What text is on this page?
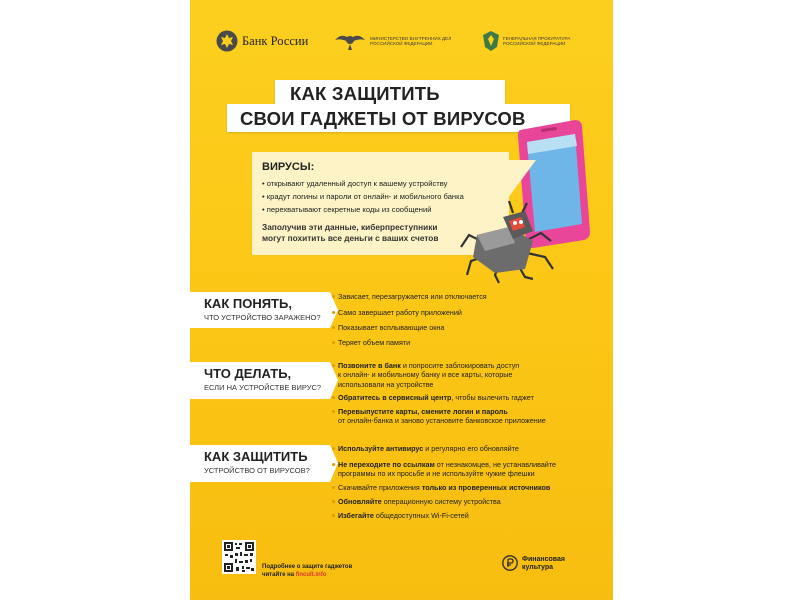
Банк России	МИНИСТЕРСТВО ВНУТРЕННИХ ДЕЛ
РОССИЙСКОЙ ФЕДЕРАЦИИ
ГЕНЕРАЛЬНАЯ ПРОКУРАТУРА
РОССИЙСКОЙ ФЕДЕРАЦИИ
КАК ЗАЩИТИТЬ
СВОИ ГАДЖЕТЫ ОТ ВИРУСОВ
ВИРУСЫ:
• открывают удаленный доступ к вашему устройству
• крадут логины и пароли от онлайн- и мобильного банка
• перехватывают секретные коды из сообщений
Заполучив эти данные, киберпреступники
могут похитить все деньги с ваших счетов
КАК ПОНЯТЬ,
ЧТО УСТРОЙСТВО ЗАРАЖЕНО?
Зависает, перезагружается или отключается
Само завершает работу приложений
Показывает всплывающие окна
Теряет объем памяти
ЧТО ДЕЛАТЬ,
ЕСЛИ НА УСТРОЙСТВЕ ВИРУС?
Позвоните в банк и попросите заблокировать доступ
к онлайн- и мобильному банку и все карты, которые
использовали на устройстве
Обратитесь в сервисный центр, чтобы вылечить гаджет
Перевыпустите карты, смените логин и пароль
от онлайн-банка и заново установите банковское приложение
КАК ЗАЩИТИТЬ
УСТРОЙСТВО ОТ ВИРУСОВ?
Используйте антивирус и регулярно его обновляйте
Не переходите по ссылкам от незнакомцев, не устанавливайте
программы по их просьбе и не используйте чужие флешки
Скачивайте приложения только из проверенных источников
Обновляйте операционную систему устройства
Избегайте общедоступных Wi-Fi-сетей
Подробнее о защите гаджетов
читайте на fincult.info
Финансовая
культура
